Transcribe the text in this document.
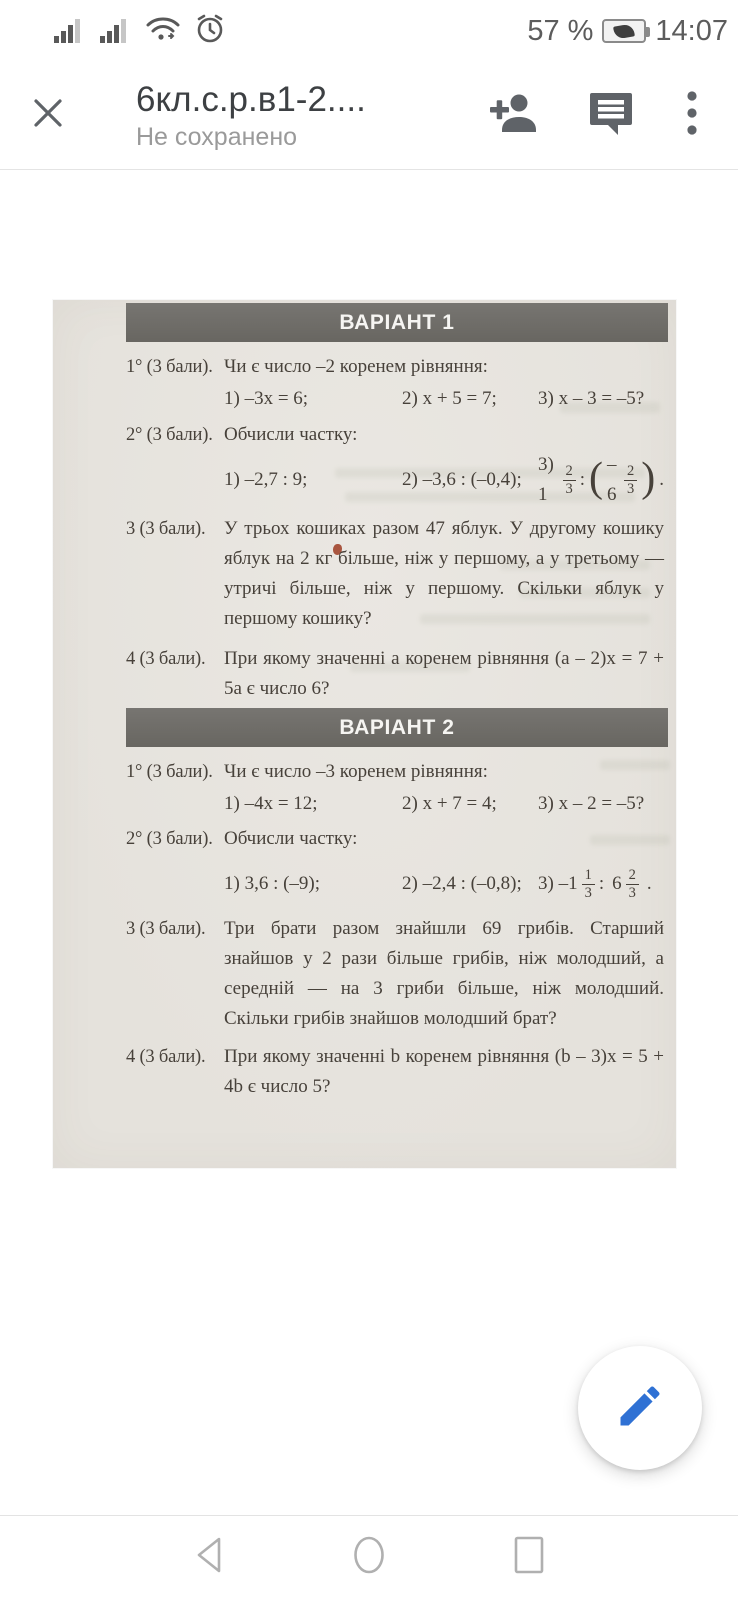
57 % 14:07
6кл.с.р.в1-2....
Не сохранено
ВАРІАНТ 1
1° (3 бали). Чи є число –2 коренем рівняння:
1) –3x = 6;	2) x + 5 = 7;	3) x – 3 = –5?
2° (3 бали). Обчисли частку:
1) –2,7 : 9;	2) –3,6 : (–0,4);
3) 1	$\frac{2}{3}$ : ( $-6 \frac{2}{3}$ ) .
3 (3 бали). У трьох кошиках разом 47 яблук. У другому кошику яблук на 2 кг більше, ніж у першому, а у третьому — утричі більше, ніж у першому. Скільки яблук у першому кошику?
4 (3 бали). При якому значенні a коренем рівняння (a – 2)x = 7 + 5a є число 6?
ВАРІАНТ 2
1° (3 бали). Чи є число –3 коренем рівняння:
1) –4x = 12;	2) x + 7 = 4;	3) x – 2 = –5?
2° (3 бали). Обчисли частку:
1) 3,6 : (–9);	2) –2,4 : (–0,8); 3) $-1 \frac{1}{3}$ : $6 \frac{2}{3}$ .
3 (3 бали). Три брати разом знайшли 69 грибів. Старший знайшов у 2 рази більше грибів, ніж молодший, а середній — на 3 гриби більше, ніж молодший. Скільки грибів знайшов молодший брат?
4 (3 бали). При якому значенні b коренем рівняння (b – 3)x = 5 + 4b є число 5?
